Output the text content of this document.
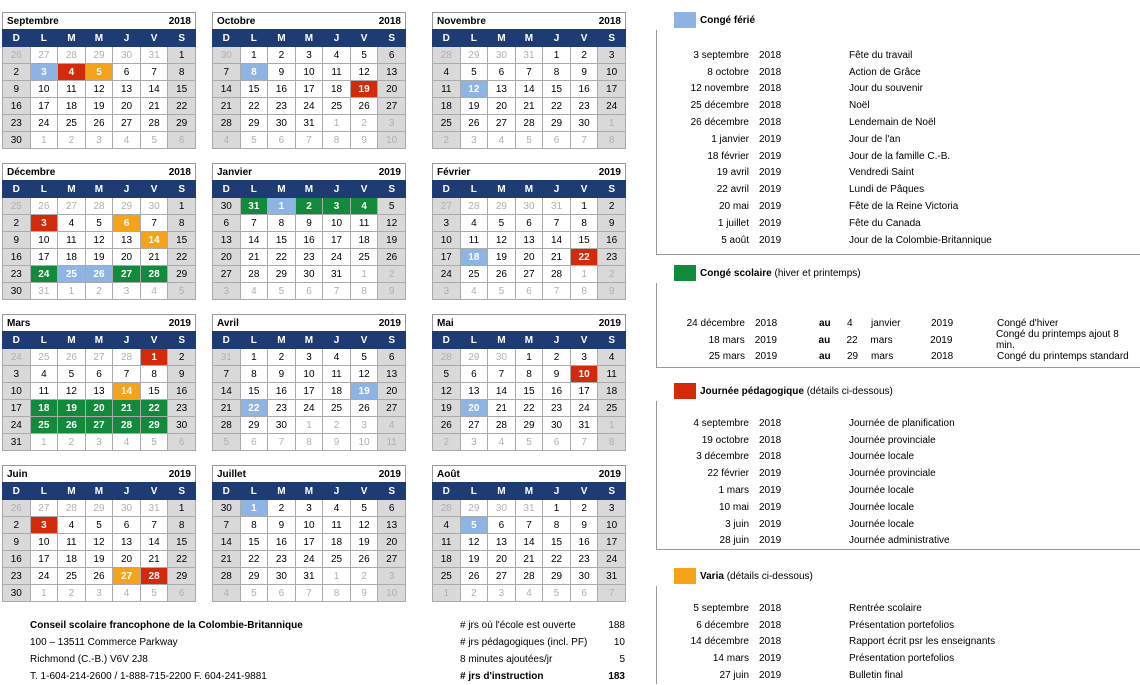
Septembre	2018
D	L	M	M	J	V	S
26	27	28	29	30	31	1
2	3	4	5	6	7	8
9	10	11	12	13	14	15
16	17	18	19	20	21	22
23	24	25	26	27	28	29
30	1	2	3	4	5	6
Octobre	2018
D	L	M	M	J	V	S
30	1	2	3	4	5	6
7	8	9	10	11	12	13
14	15	16	17	18	19	20
21	22	23	24	25	26	27
28	29	30	31	1	2	3
4	5	6	7	8	9	10
Novembre	2018
D	L	M	M	J	V	S
28	29	30	31	1	2	3
4	5	6	7	8	9	10
11	12	13	14	15	16	17
18	19	20	21	22	23	24
25	26	27	28	29	30	1
2	3	4	5	6	7	8
Décembre	2018
D	L	M	M	J	V	S
25	26	27	28	29	30	1
2	3	4	5	6	7	8
9	10	11	12	13	14	15
16	17	18	19	20	21	22
23	24	25	26	27	28	29
30	31	1	2	3	4	5
Janvier	2019
D	L	M	M	J	V	S
30	31	1	2	3	4	5
6	7	8	9	10	11	12
13	14	15	16	17	18	19
20	21	22	23	24	25	26
27	28	29	30	31	1	2
3	4	5	6	7	8	9
Février	2019
D	L	M	M	J	V	S
27	28	29	30	31	1	2
3	4	5	6	7	8	9
10	11	12	13	14	15	16
17	18	19	20	21	22	23
24	25	26	27	28	1	2
3	4	5	6	7	8	9
Mars	2019
D	L	M	M	J	V	S
24	25	26	27	28	1	2
3	4	5	6	7	8	9
10	11	12	13	14	15	16
17	18	19	20	21	22	23
24	25	26	27	28	29	30
31	1	2	3	4	5	6
Avril	2019
D	L	M	M	J	V	S
31	1	2	3	4	5	6
7	8	9	10	11	12	13
14	15	16	17	18	19	20
21	22	23	24	25	26	27
28	29	30	1	2	3	4
5	6	7	8	9	10	11
Mai	2019
D	L	M	M	J	V	S
28	29	30	1	2	3	4
5	6	7	8	9	10	11
12	13	14	15	16	17	18
19	20	21	22	23	24	25
26	27	28	29	30	31	1
2	3	4	5	6	7	8
Juin	2019
D	L	M	M	J	V	S
26	27	28	29	30	31	1
2	3	4	5	6	7	8
9	10	11	12	13	14	15
16	17	18	19	20	21	22
23	24	25	26	27	28	29
30	1	2	3	4	5	6
Juillet	2019
D	L	M	M	J	V	S
30	1	2	3	4	5	6
7	8	9	10	11	12	13
14	15	16	17	18	19	20
21	22	23	24	25	26	27
28	29	30	31	1	2	3
4	5	6	7	8	9	10
Août	2019
D	L	M	M	J	V	S
28	29	30	31	1	2	3
4	5	6	7	8	9	10
11	12	13	14	15	16	17
18	19	20	21	22	23	24
25	26	27	28	29	30	31
1	2	3	4	5	6	7
Congé férié
3 septembre	2018	Fête du travail
8 octobre	2018	Action de Grâce
12 novembre	2018	Jour du souvenir
25 décembre	2018	Noël
26 décembre	2018	Lendemain de Noël
1 janvier	2019	Jour de l'an
18 février	2019	Jour de la famille C.-B.
19 avril	2019	Vendredi Saint
22 avril	2019	Lundi de Pâques
20 mai	2019	Fête de la Reine Victoria
1 juillet	2019	Fête du Canada
5 août	2019	Jour de la Colombie-Britannique
Congé scolaire
(hiver et printemps)
24 décembre	2018	au	4	janvier	2019	Congé d'hiver
18 mars	2019	au	22	mars	2019	Congé du printemps ajout 8 min.
25 mars	2019	au	29	mars	2018	Congé du printemps standard
Journée pédagogique
(détails ci-dessous)
4 septembre	2018	Journée de planification
19 octobre	2018	Journée provinciale
3 décembre	2018	Journée locale
22 février	2019	Journée provinciale
1 mars	2019	Journée locale
10 mai	2019	Journée locale
3 juin	2019	Journée locale
28 juin	2019	Journée administrative
Varia
(détails ci-dessous)
5 septembre	2018	Rentrée scolaire
6 décembre	2018	Présentation portefolios
14 décembre	2018	Rapport écrit psr les enseignants
14 mars	2019	Présentation portefolios
27 juin	2019	Bulletin final
Conseil scolaire francophone de la Colombie-Britannique
100 – 13511 Commerce Parkway
Richmond (C.-B.) V6V 2J8
T. 1-604-214-2600 / 1-888-715-2200 F. 604-241-9881
# jrs où l'école est ouverte	188
# jrs pédagogiques (incl. PF)	10
8 minutes ajoutées/jr	5
# jrs d'instruction	183
